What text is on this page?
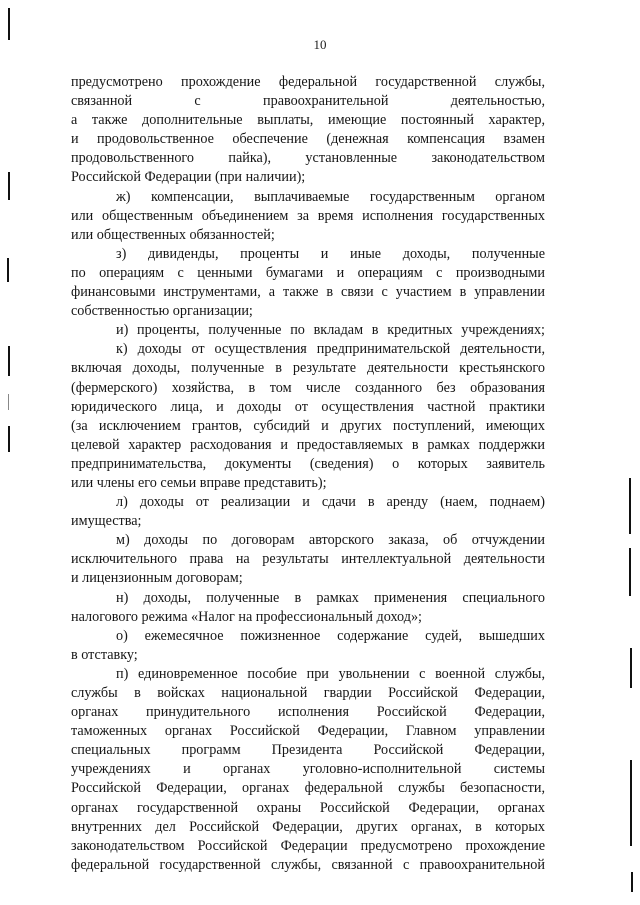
10
предусмотрено прохождение федеральной государственной службы,
связанной с правоохранительной деятельностью,
а также дополнительные выплаты, имеющие постоянный характер,
и продовольственное обеспечение (денежная компенсация взамен
продовольственного пайка), установленные законодательством
Российской Федерации (при наличии);
ж) компенсации, выплачиваемые государственным органом
или общественным объединением за время исполнения государственных
или общественных обязанностей;
з) дивиденды, проценты и иные доходы, полученные
по операциям с ценными бумагами и операциям с производными
финансовыми инструментами, а также в связи с участием в управлении
собственностью организации;
и) проценты, полученные по вкладам в кредитных учреждениях;
к) доходы от осуществления предпринимательской деятельности,
включая доходы, полученные в результате деятельности крестьянского
(фермерского) хозяйства, в том числе созданного без образования
юридического лица, и доходы от осуществления частной практики
(за исключением грантов, субсидий и других поступлений, имеющих
целевой характер расходования и предоставляемых в рамках поддержки
предпринимательства, документы (сведения) о которых заявитель
или члены его семьи вправе представить);
л) доходы от реализации и сдачи в аренду (наем, поднаем)
имущества;
м) доходы по договорам авторского заказа, об отчуждении
исключительного права на результаты интеллектуальной деятельности
и лицензионным договорам;
н) доходы, полученные в рамках применения специального
налогового режима «Налог на профессиональный доход»;
о) ежемесячное пожизненное содержание судей, вышедших
в отставку;
п) единовременное пособие при увольнении с военной службы,
службы в войсках национальной гвардии Российской Федерации,
органах принудительного исполнения Российской Федерации,
таможенных органах Российской Федерации, Главном управлении
специальных программ Президента Российской Федерации,
учреждениях и органах уголовно-исполнительной системы
Российской Федерации, органах федеральной службы безопасности,
органах государственной охраны Российской Федерации, органах
внутренних дел Российской Федерации, других органах, в которых
законодательством Российской Федерации предусмотрено прохождение
федеральной государственной службы, связанной с правоохранительной
